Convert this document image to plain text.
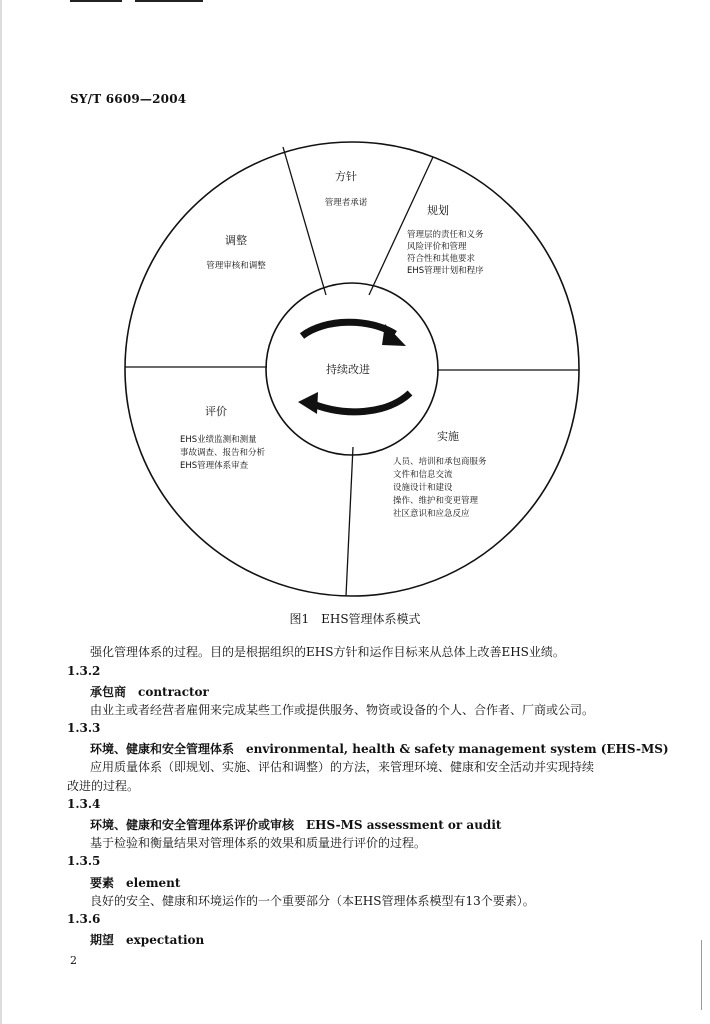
SY/T 6609—2004
持续改进
方针
管理者承诺
规划
管理层的责任和义务
风险评价和管理
符合性和其他要求
EHS管理计划和程序
调整
管理审核和调整
评价
EHS业绩监测和测量
事故调查、报告和分析
EHS管理体系审查
实施
人员、培训和承包商服务
文件和信息交流
设施设计和建设
操作、维护和变更管理
社区意识和应急反应
图1　EHS管理体系模式
强化管理体系的过程。目的是根据组织的EHS方针和运作目标来从总体上改善EHS业绩。
1.3.2
承包商 contractor
由业主或者经营者雇佣来完成某些工作或提供服务、物资或设备的个人、合作者、厂商或公司。
1.3.3
环境、健康和安全管理体系 environmental, health & safety management system (EHS-MS)
应用质量体系（即规划、实施、评估和调整）的方法，来管理环境、健康和安全活动并实现持续
改进的过程。
1.3.4
环境、健康和安全管理体系评价或审核 EHS-MS assessment or audit
基于检验和衡量结果对管理体系的效果和质量进行评价的过程。
1.3.5
要素 element
良好的安全、健康和环境运作的一个重要部分（本EHS管理体系模型有13个要素）。
1.3.6
期望 expectation
2
